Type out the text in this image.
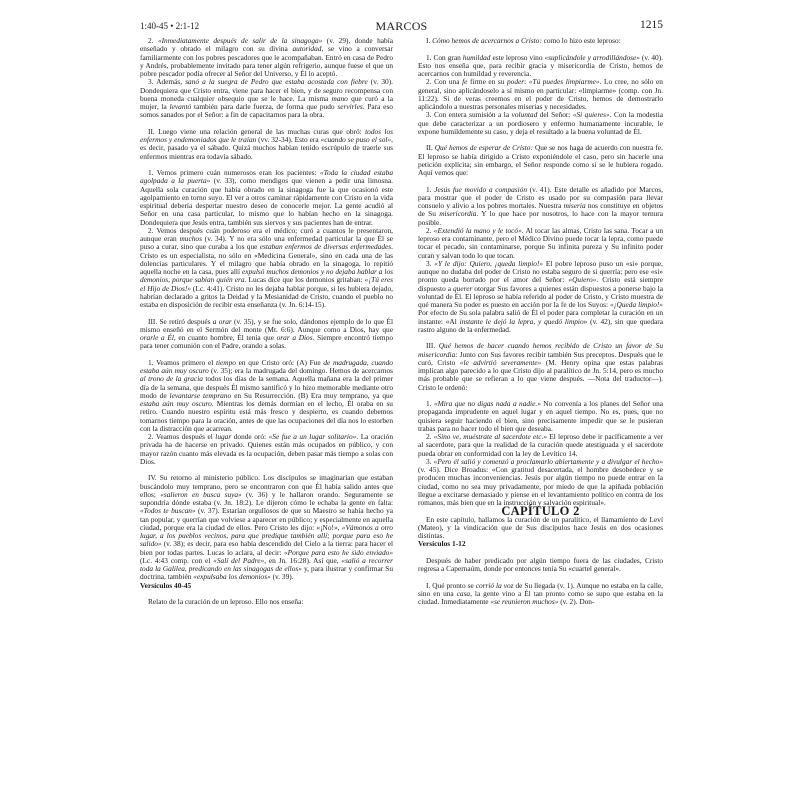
1:40-45 • 2:1-12	MARCOS	1215

2. «Inmediatamente después de salir de la sinagoga» (v. 29), donde había enseñado y obrado el milagro con su divina autoridad, se vino a conversar familiarmente con los pobres pescadores que le acompañaban. Entró en casa de Pedro y Andrés, probablemente invitado para tener algún refrigerio, aunque fuese el que un pobre pescador podía ofrecer al Señor del Universo, y Él lo aceptó.

3. Además, sanó a la suegra de Pedro que estaba acostada con fiebre (v. 30). Dondequiera que Cristo entra, viene para hacer el bien, y de seguro recompensa con buena moneda cualquier obsequio que se le hace. La misma mano que curó a la mujer, la levantó también para darle fuerza, de forma que pudo servirles. Para eso somos sanados por el Señor: a fin de capacitarnos para la obra.

II. Luego viene una relación general de las muchas curas que obró: todos los enfermos y endemoniados que le traían (vv. 32-34). Esto era «cuando se puso el sol», es decir, pasado ya el sábado. Quizá muchos habían tenido escrúpulo de traerle sus enfermos mientras era todavía sábado.

1. Vemos primero cuán numerosos eran los pacientes: «Toda la ciudad estaba agolpada a la puerta» (v. 33), como mendigos que vienen a pedir una limosna. Aquella sola curación que había obrado en la sinagoga fue la que ocasionó este agolpamiento en torno suyo. El ver a otros caminar rápidamente con Cristo en la vida espiritual debería despertar nuestro deseo de conocerle mejor. La gente acudió al Señor en una casa particular, lo mismo que lo habían hecho en la sinagoga. Dondequiera que Jesús entra, también sus siervos y sus pacientes han de entrar.

2. Vemos después cuán poderoso era el médico; curó a cuantos le presentaron, aunque eran muchos (v. 34). Y no era sólo una enfermedad particular la que Él se puso a curar, sino que curaba a los que estaban enfermos de diversas enfermedades. Cristo es un especialista, no sólo en «Medicina General», sino en cada una de las dolencias particulares. Y el milagro que había obrado en la sinagoga, lo repitió aquella noche en la casa, pues allí expulsó muchos demonios y no dejaba hablar a los demonios, porque sabían quién era. Lucas dice que los demonios gritaban: «¡Tú eres el Hijo de Dios!» (Lc. 4:41). Cristo no les dejaba hablar porque, si les hubiera dejado, habrían declarado a gritos la Deidad y la Mesianidad de Cristo, cuando el pueblo no estaba en disposición de recibir esta enseñanza (v. Jn. 6:14-15).

III. Se retiró después a orar (v. 35), y se fue solo, dándonos ejemplo de lo que Él mismo enseñó en el Sermón del monte (Mt. 6:6). Aunque como a Dios, hay que orarle a Él, en cuanto hombre, Él tenía que orar a Dios. Siempre encontró tiempo para tener comunión con el Padre, orando a solas.

1. Veamos primero el tiempo en que Cristo oró: (A) Fue de madrugada, cuando estaba aún muy oscuro (v. 35); era la madrugada del domingo. Hemos de acercarnos al trono de la gracia todos los días de la semana. Aquella mañana era la del primer día de la semana, que después Él mismo santificó y lo hizo memorable mediante otro modo de levantarse temprano en Su Resurrección. (B) Era muy temprano, ya que estaba aún muy oscuro. Mientras los demás dormían en el lecho, Él oraba en su retiro. Cuando nuestro espíritu está más fresco y despierto, es cuando debemos tomarnos tiempo para la oración, antes de que las ocupaciones del día nos lo estorben con la distracción que acarrean.

2. Veamos después el lugar donde oró: «Se fue a un lugar solitario». La oración privada ha de hacerse en privado. Quienes están más ocupados en público, y con mayor razón cuanto más elevada es la ocupación, deben pasar más tiempo a solas con Dios.

IV. Su retorno al ministerio público. Los discípulos se imaginarían que estaban buscándolo muy temprano, pero se encontraron con que Él había salido antes que ellos; «salieron en busca suya» (v. 36) y le hallaron orando. Seguramente se supondría dónde estaba (v. Jn. 18:2). Le dijeron cómo le echaba la gente en falta: «Todos te buscan» (v. 37). Estarían orgullosos de que su Maestro se había hecho ya tan popular, y querrían que volviese a aparecer en público; y especialmente en aquella ciudad, porque era la ciudad de ellos. Pero Cristo les dijo: «¡No!», «Vámonos a otro lugar, a los pueblos vecinos, para que predique también allí; porque para eso he salido» (v. 38); es decir, para eso había descendido del Cielo a la tierra: para hacer el bien por todas partes. Lucas lo aclara, al decir: «Porque para esto he sido enviado» (Lc. 4:43 comp. con el «Salí del Padre», en Jn. 16:28). Así que, «salió a recorrer toda la Galilea, predicando en las sinagogas de ellos» y, para ilustrar y confirmar Su doctrina, también «expulsaba los demonios» (v. 39).

Versículos 40-45

Relato de la curación de un leproso. Ello nos enseña:

I. Cómo hemos de acercarnos a Cristo: como lo hizo este leproso:

1. Con gran humildad este leproso vino «suplicándole y arrodillándose» (v. 40). Esto nos enseña que, para recibir gracia y misericordia de Cristo, hemos de acercarnos con humildad y reverencia.

2. Con una fe firme en su poder: «Tú puedes limpiarme». Lo cree, no sólo en general, sino aplicándoselo a sí mismo en particular: «limpiarme» (comp. con Jn. 11:22). Si de veras creemos en el poder de Cristo, hemos de demostrarlo aplicándolo a nuestras personales miserias y necesidades.

3. Con entera sumisión a la voluntad del Señor: «Si quieres». Con la modestia que debe caracterizar a un pordiosero y enfermo humanamente incurable, le expone humildemente su caso, y deja el resultado a la buena voluntad de Él.

II. Qué hemos de esperar de Cristo: Que se nos haga de acuerdo con nuestra fe. El leproso se había dirigido a Cristo exponiéndole el caso, pero sin hacerle una petición explícita; sin embargo, el Señor responde como si se le hubiera rogado. Aquí vemos que:

1. Jesús fue movido a compasión (v. 41). Este detalle es añadido por Marcos, para mostrar que el poder de Cristo es usado por su compasión para llevar consuelo y alivio a los pobres mortales. Nuestra miseria nos constituye en objetos de Su misericordia. Y lo que hace por nosotros, lo hace con la mayor ternura posible.

2. «Extendió la mano y le tocó». Al tocar las almas, Cristo las sana. Tocar a un leproso era contaminante, pero el Médico Divino puede tocar la lepra, como puede tocar el pecado, sin contaminarse, porque Su infinita pureza y Su infinito poder curan y salvan todo lo que tocan.

3. «Y le dijo: Quiero, ¡queda limpio!» El pobre leproso puso un «si» porque, aunque no dudaba del poder de Cristo no estaba seguro de si querría; pero ese «si» pronto queda borrado por el amor del Señor: «Quiero». Cristo está siempre dispuesto a querer otorgar Sus favores a quienes están dispuestos a ponerse bajo la voluntad de Él. El leproso se había referido al poder de Cristo, y Cristo muestra de qué manera Su poder es puesto en acción por la fe de los Suyos: «¡Queda limpio!» Por efecto de Su sola palabra salió de Él el poder para completar la curación en un instante: «Al instante le dejó la lepra, y quedó limpio» (v. 42), sin que quedara rastro alguno de la enfermedad.

III. Qué hemos de hacer cuando hemos recibido de Cristo un favor de Su misericordia: Junto con Sus favores recibir también Sus preceptos. Después que le curó, Cristo «le advirtió severamente» (M. Henry opina que estas palabras implican algo parecido a lo que Cristo dijo al paralítico de Jn. 5:14, pero es mucho más probable que se refieran a lo que viene después. —Nota del traductor—). Cristo le ordenó:

1. «Mira que no digas nada a nadie.» No convenía a los planes del Señor una propaganda imprudente en aquel lugar y en aquel tiempo. No es, pues, que no quisiera seguir haciendo el bien, sino precisamente impedir que se le pusieran trabas para no hacer todo el bien que deseaba.

2. «Sino ve, muéstrate al sacerdote etc.» El leproso debe ir pacíficamente a ver al sacerdote, para que la realidad de la curación quede atestiguada y el sacerdote pueda obrar en conformidad con la ley de Levítico 14.

3. «Pero él salió y comenzó a proclamarlo abiertamente y a divulgar el hecho» (v. 45). Dice Broadus: «Con gratitud desacertada, el hombre desobedece y se producen muchas inconveniencias. Jesús por algún tiempo no puede entrar en la ciudad, como no sea muy privadamente, por miedo de que la apiñada población llegue a excitarse demasiado y piense en el levantamiento político en contra de los romanos, más bien que en la instrucción y salvación espiritual».

CAPÍTULO 2

En este capítulo, hallamos la curación de un paralítico, el llamamiento de Leví (Mateo), y la vindicación que de Sus discípulos hace Jesús en dos ocasiones distintas.

Versículos 1-12

Después de haber predicado por algún tiempo fuera de las ciudades, Cristo regresa a Capernaúm, donde por entonces tenía Su «cuartel general».

I. Qué pronto se corrió la voz de Su llegada (v. 1). Aunque no estaba en la calle, sino en una casa, la gente vino a Él tan pronto como se supo que estaba en la ciudad. Inmediatamente «se reunieron muchos» (v. 2). Don-
